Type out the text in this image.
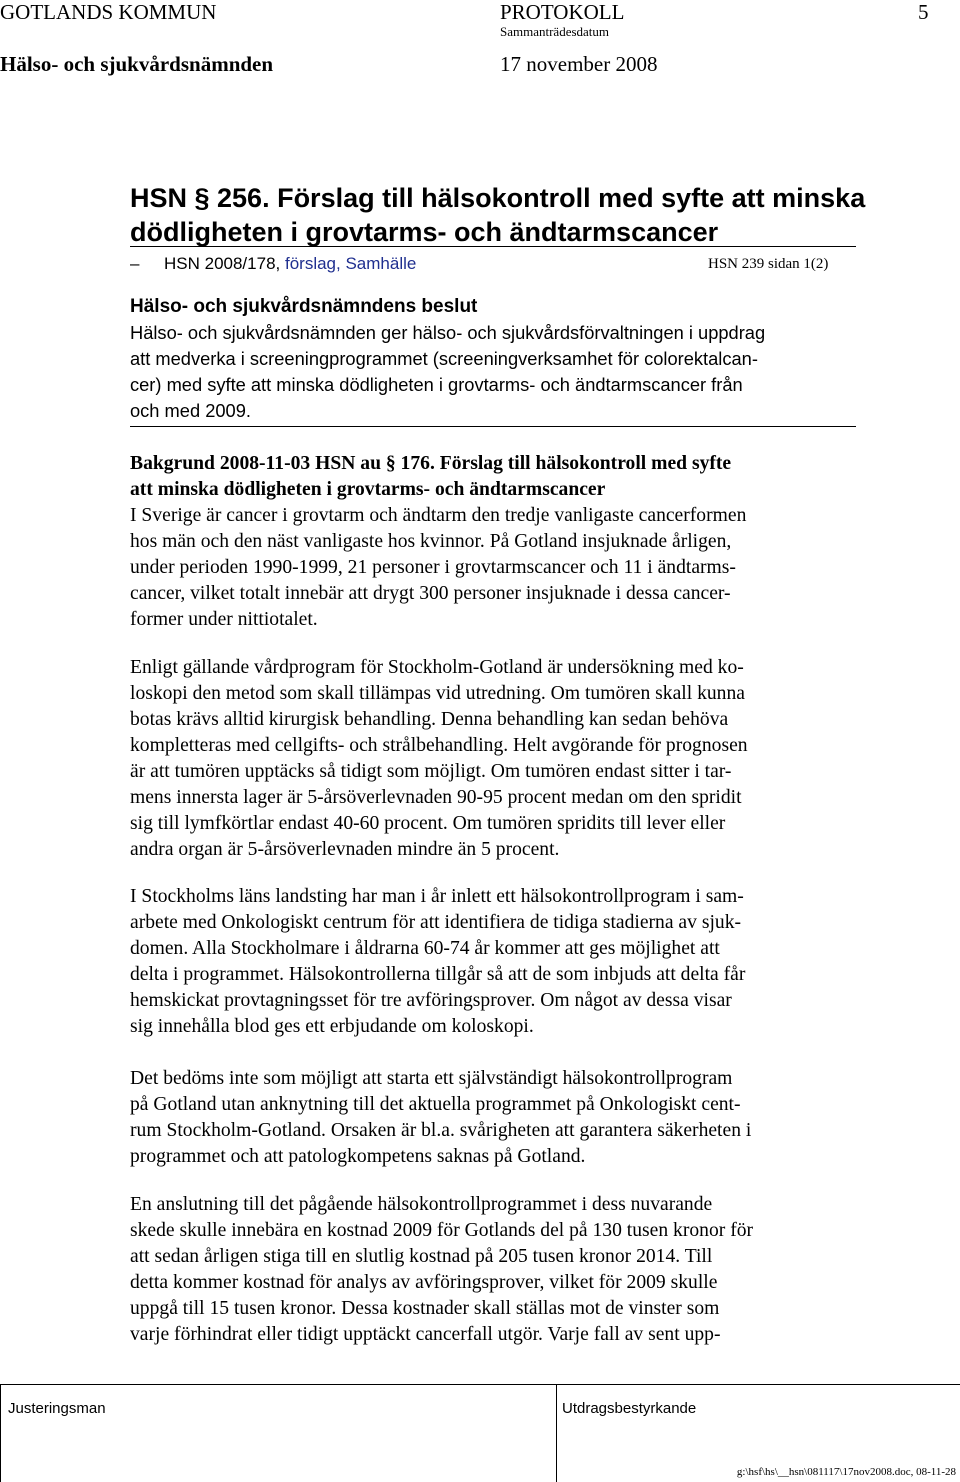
GOTLANDS KOMMUN	PROTOKOLL	5
Sammanträdesdatum
Hälso- och sjukvårdsnämnden	17 november 2008
HSN § 256. Förslag till hälsokontroll med syfte att minska
dödligheten i grovtarms- och ändtarmscancer
– HSN 2008/178, förslag, Samhälle	HSN 239 sidan 1(2)
Hälso- och sjukvårdsnämndens beslut
Hälso- och sjukvårdsnämnden ger hälso- och sjukvårdsförvaltningen i uppdrag
att medverka i screeningprogrammet (screeningverksamhet för colorektalcan-
cer) med syfte att minska dödligheten i grovtarms- och ändtarmscancer från
och med 2009.
Bakgrund 2008-11-03 HSN au § 176. Förslag till hälsokontroll med syfte
att minska dödligheten i grovtarms- och ändtarmscancer
I Sverige är cancer i grovtarm och ändtarm den tredje vanligaste cancerformen
hos män och den näst vanligaste hos kvinnor. På Gotland insjuknade årligen,
under perioden 1990-1999, 21 personer i grovtarmscancer och 11 i ändtarms-
cancer, vilket totalt innebär att drygt 300 personer insjuknade i dessa cancer-
former under nittiotalet.
Enligt gällande vårdprogram för Stockholm-Gotland är undersökning med ko-
loskopi den metod som skall tillämpas vid utredning. Om tumören skall kunna
botas krävs alltid kirurgisk behandling. Denna behandling kan sedan behöva
kompletteras med cellgifts- och strålbehandling. Helt avgörande för prognosen
är att tumören upptäcks så tidigt som möjligt. Om tumören endast sitter i tar-
mens innersta lager är 5-årsöverlevnaden 90-95 procent medan om den spridit
sig till lymfkörtlar endast 40-60 procent. Om tumören spridits till lever eller
andra organ är 5-årsöverlevnaden mindre än 5 procent.
I Stockholms läns landsting har man i år inlett ett hälsokontrollprogram i sam-
arbete med Onkologiskt centrum för att identifiera de tidiga stadierna av sjuk-
domen. Alla Stockholmare i åldrarna 60-74 år kommer att ges möjlighet att
delta i programmet. Hälsokontrollerna tillgår så att de som inbjuds att delta får
hemskickat provtagningsset för tre avföringsprover. Om något av dessa visar
sig innehålla blod ges ett erbjudande om koloskopi.
Det bedöms inte som möjligt att starta ett självständigt hälsokontrollprogram
på Gotland utan anknytning till det aktuella programmet på Onkologiskt cent-
rum Stockholm-Gotland. Orsaken är bl.a. svårigheten att garantera säkerheten i
programmet och att patologkompetens saknas på Gotland.
En anslutning till det pågående hälsokontrollprogrammet i dess nuvarande
skede skulle innebära en kostnad 2009 för Gotlands del på 130 tusen kronor för
att sedan årligen stiga till en slutlig kostnad på 205 tusen kronor 2014. Till
detta kommer kostnad för analys av avföringsprover, vilket för 2009 skulle
uppgå till 15 tusen kronor. Dessa kostnader skall ställas mot de vinster som
varje förhindrat eller tidigt upptäckt cancerfall utgör. Varje fall av sent upp-
Justeringsman	Utdragsbestyrkande
g:\hsf\hs\__hsn\081117\17nov2008.doc, 08-11-28
